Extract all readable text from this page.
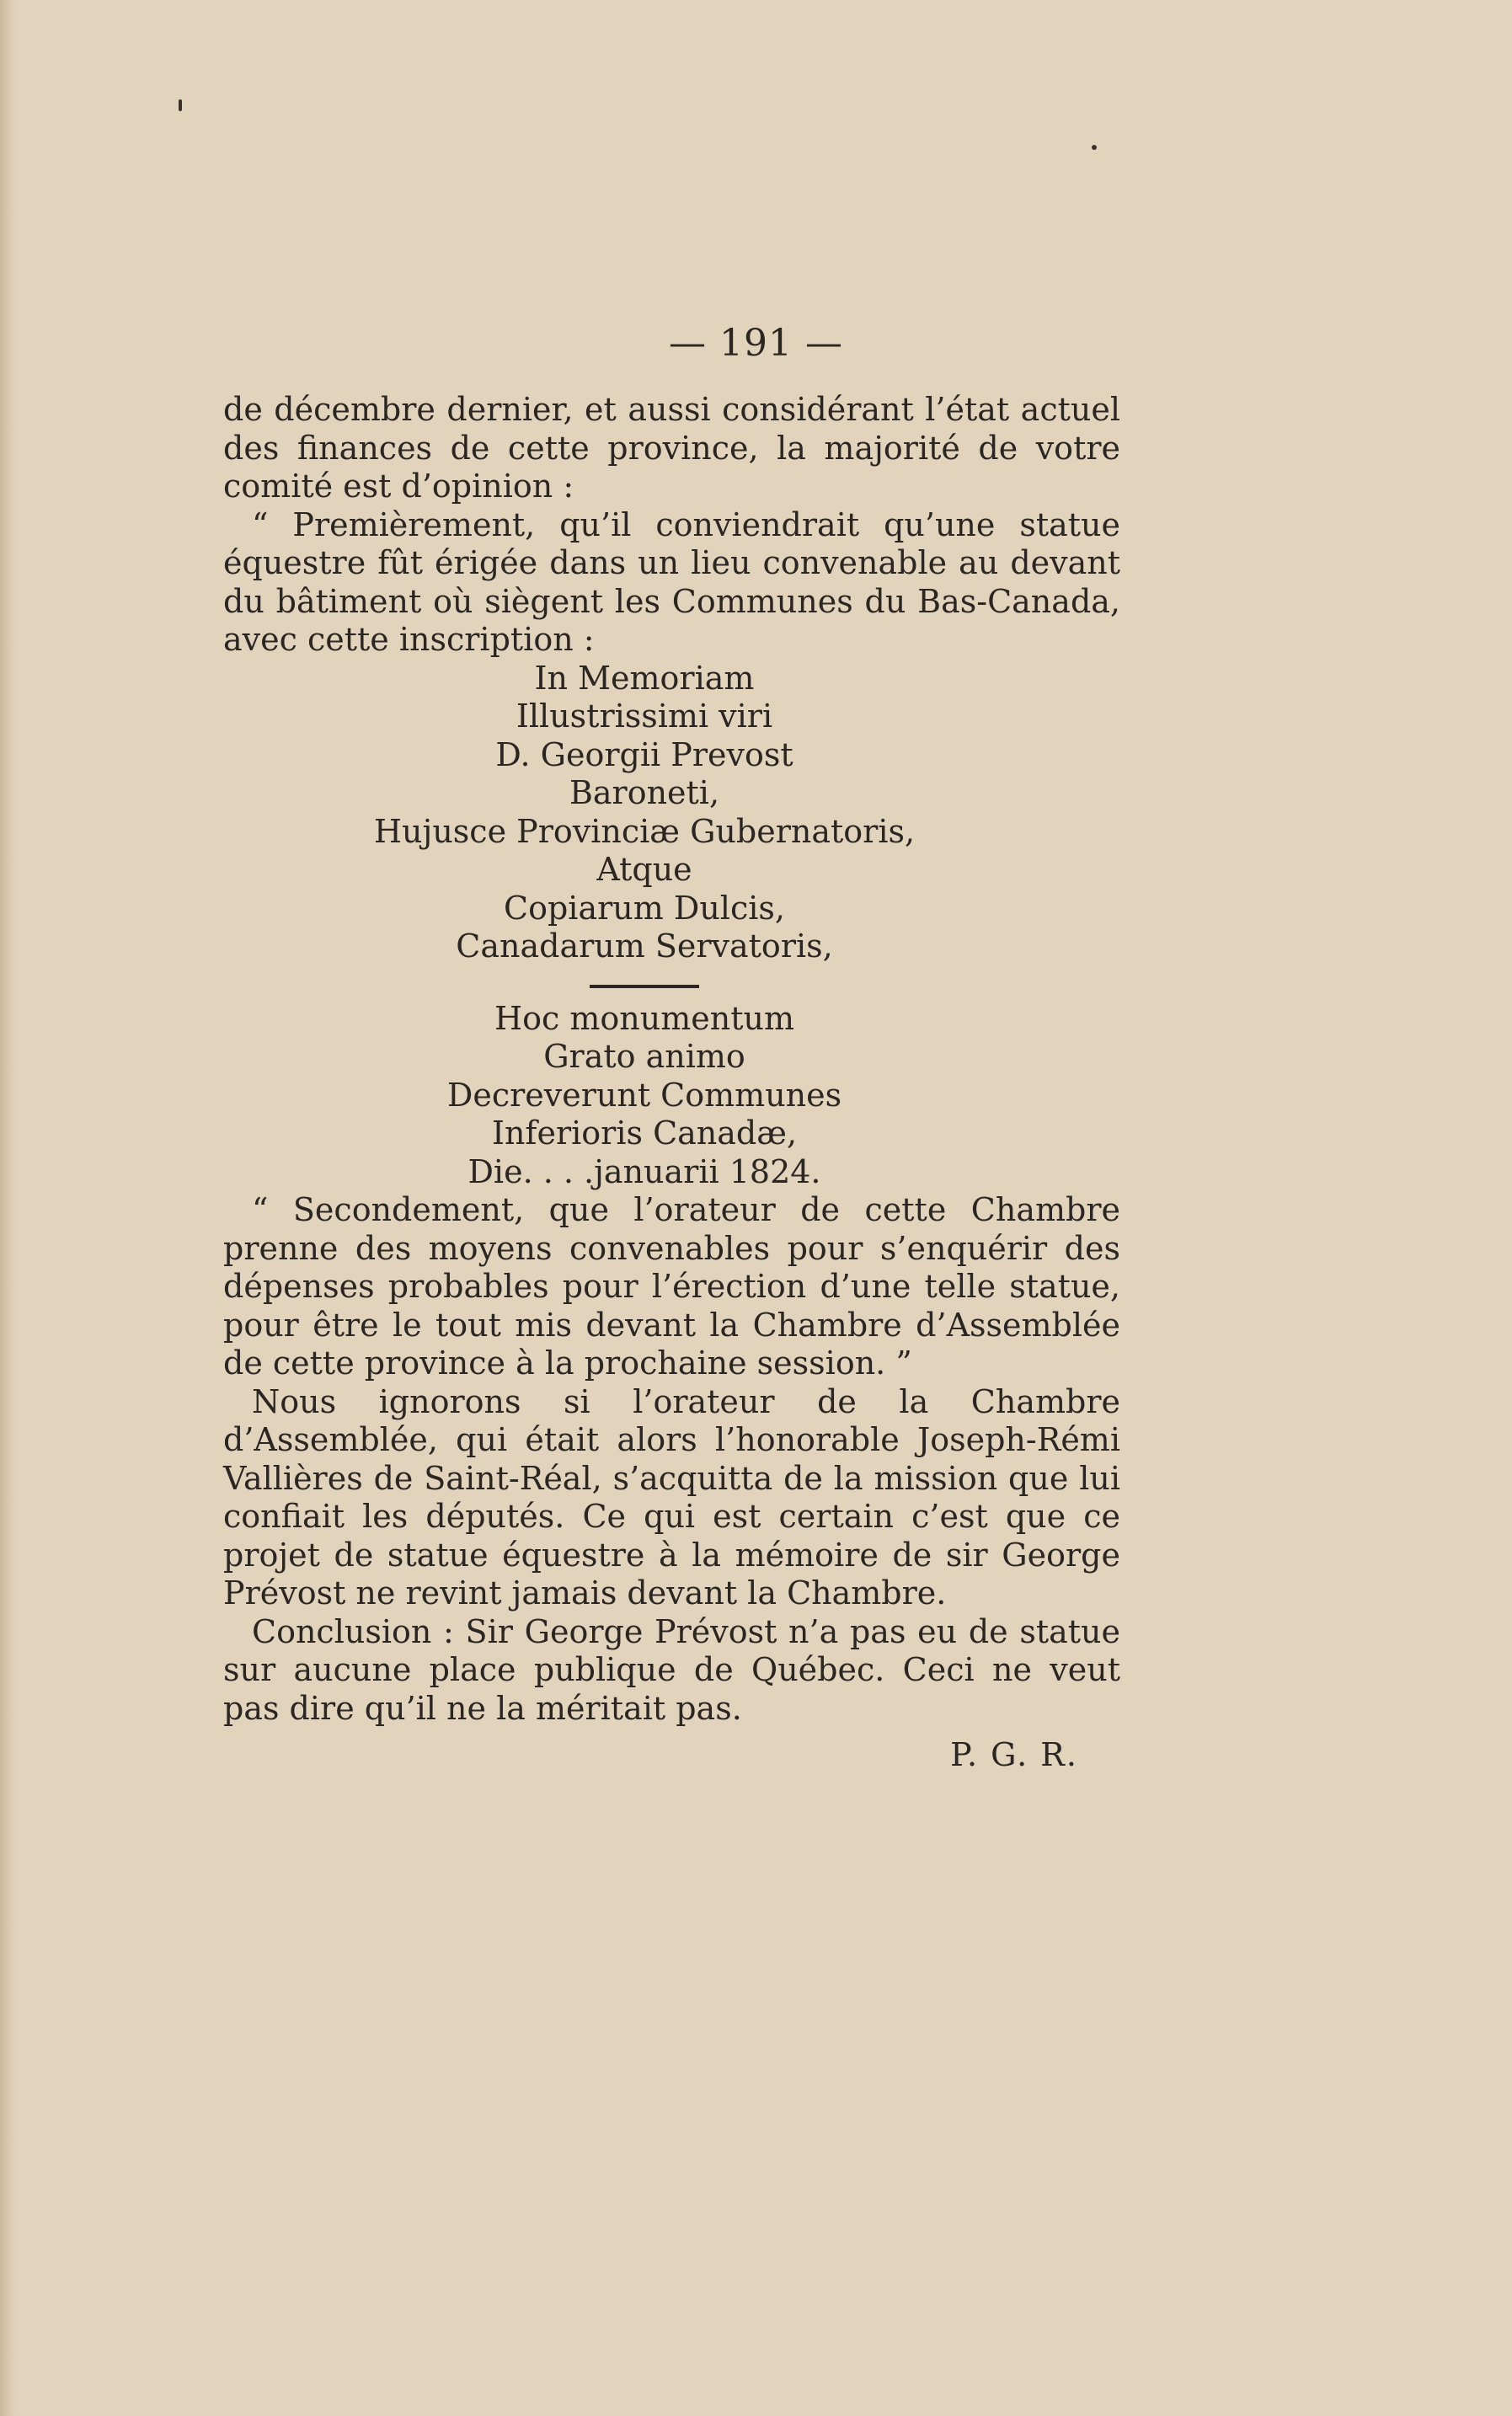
— 191 —

de décembre dernier, et aussi considérant l’état actuel des finances de cette province, la majorité de votre comité est d’opinion :

“ Premièrement, qu’il conviendrait qu’une statue équestre fût érigée dans un lieu convenable au devant du bâtiment où siègent les Communes du Bas-Canada, avec cette inscription :

In Memoriam

Illustrissimi viri

D. Georgii Prevost

Baroneti,

Hujusce Provinciæ Gubernatoris,

Atque

Copiarum Dulcis,

Canadarum Servatoris,

Hoc monumentum

Grato animo

Decreverunt Communes

Inferioris Canadæ,

Die. . . .januarii 1824.

“ Secondement, que l’orateur de cette Chambre prenne des moyens convenables pour s’enquérir des dépenses probables pour l’érection d’une telle statue, pour être le tout mis devant la Chambre d’Assemblée de cette province à la prochaine session. ”

Nous ignorons si l’orateur de la Chambre d’Assemblée, qui était alors l’honorable Joseph-Rémi Vallières de Saint-Réal, s’acquitta de la mission que lui confiait les députés. Ce qui est certain c’est que ce projet de statue équestre à la mémoire de sir George Prévost ne revint jamais devant la Chambre.

Conclusion : Sir George Prévost n’a pas eu de statue sur aucune place publique de Québec. Ceci ne veut pas dire qu’il ne la méritait pas.

P. G. R.
